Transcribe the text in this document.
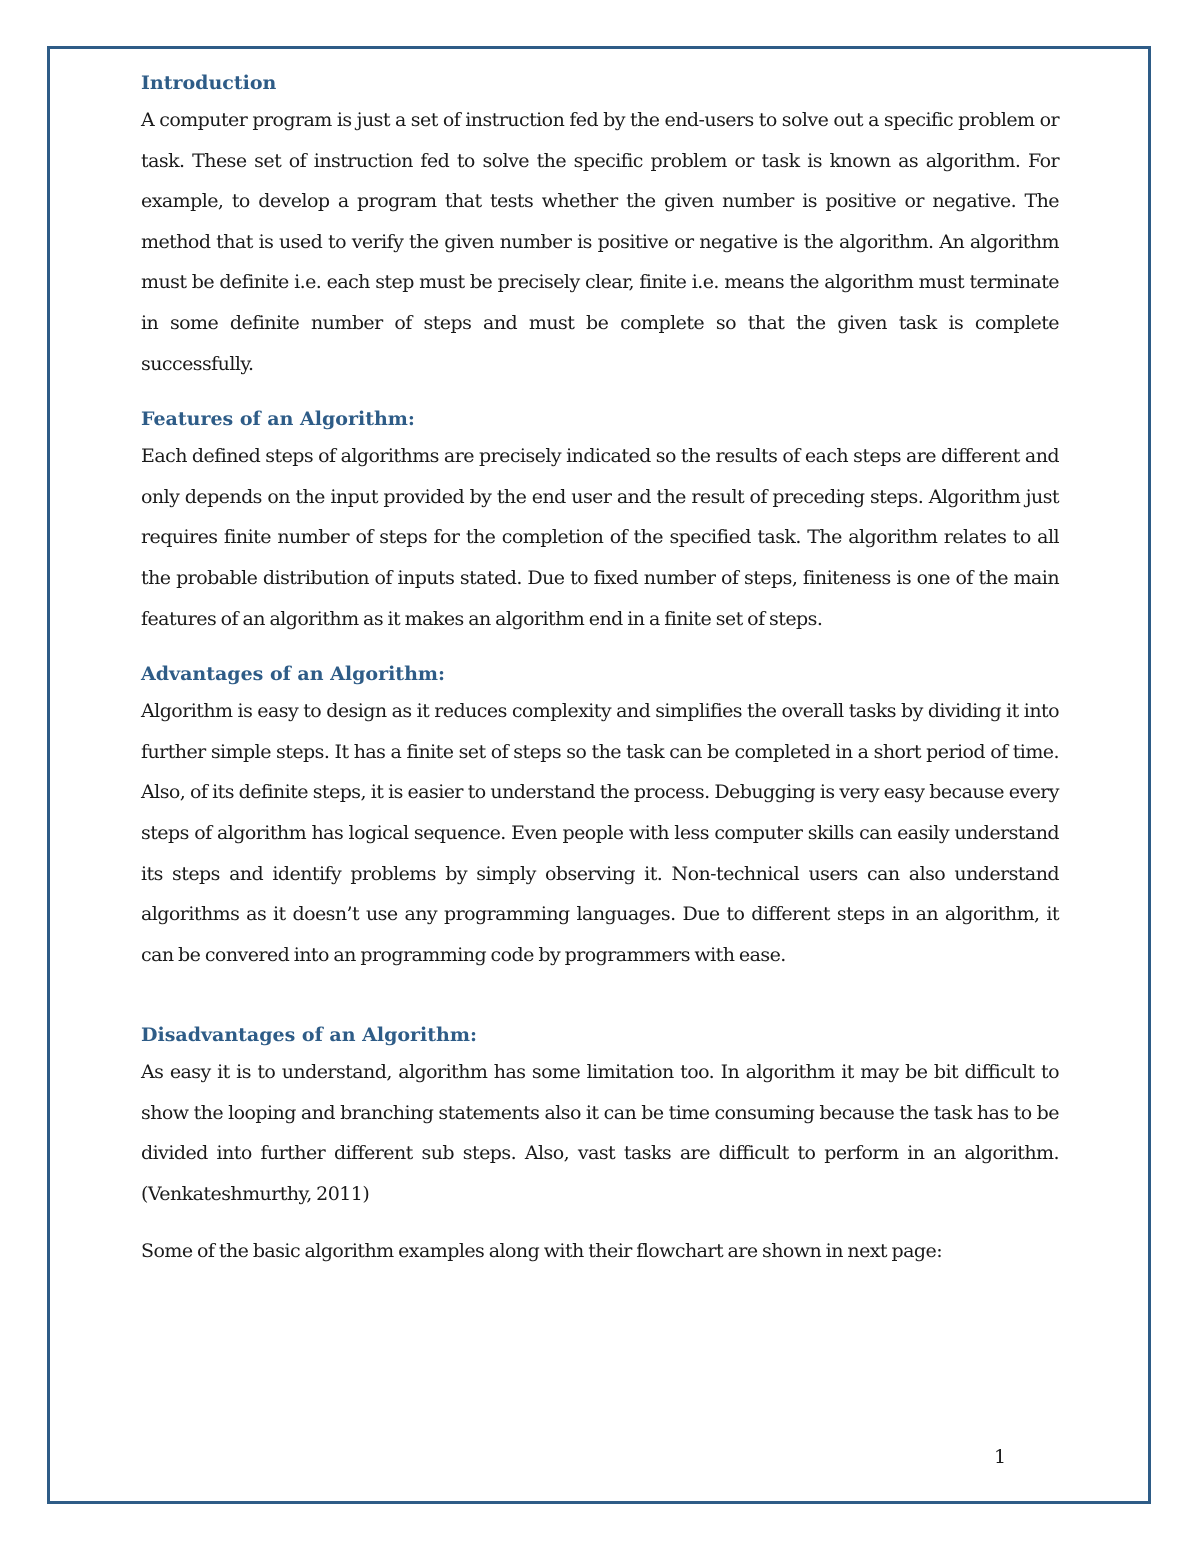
Introduction

A computer program is just a set of instruction fed by the end-users to solve out a specific problem or task. These set of instruction fed to solve the specific problem or task is known as algorithm. For example, to develop a program that tests whether the given number is positive or negative. The method that is used to verify the given number is positive or negative is the algorithm. An algorithm must be definite i.e. each step must be precisely clear, finite i.e. means the algorithm must terminate in some definite number of steps and must be complete so that the given task is complete successfully.

Features of an Algorithm:

Each defined steps of algorithms are precisely indicated so the results of each steps are different and only depends on the input provided by the end user and the result of preceding steps. Algorithm just requires finite number of steps for the completion of the specified task. The algorithm relates to all the probable distribution of inputs stated. Due to fixed number of steps, finiteness is one of the main features of an algorithm as it makes an algorithm end in a finite set of steps.

Advantages of an Algorithm:

Algorithm is easy to design as it reduces complexity and simplifies the overall tasks by dividing it into further simple steps. It has a finite set of steps so the task can be completed in a short period of time. Also, of its definite steps, it is easier to understand the process. Debugging is very easy because every steps of algorithm has logical sequence. Even people with less computer skills can easily understand its steps and identify problems by simply observing it. Non-technical users can also understand algorithms as it doesn’t use any programming languages. Due to different steps in an algorithm, it can be convered into an programming code by programmers with ease.

Disadvantages of an Algorithm:

As easy it is to understand, algorithm has some limitation too. In algorithm it may be bit difficult to show the looping and branching statements also it can be time consuming because the task has to be divided into further different sub steps. Also, vast tasks are difficult to perform in an algorithm. (Venkateshmurthy, 2011)

Some of the basic algorithm examples along with their flowchart are shown in next page:

1
